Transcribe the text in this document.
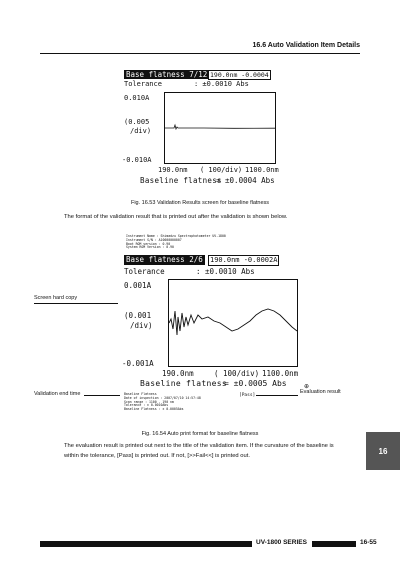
16.6 Auto Validation Item Details
Base flatness 7/12 190.0nm -0.0004
Tolerance	: ±0.0010 Abs
0.010A
(0.005
/div)
-0.010A
190.0nm ( 100/div) 1100.0nm
Baseline flatness
= ±0.0004 Abs
Fig. 16.53 Validation Results screen for baseline flatness
The format of the validation result that is printed out after the validation is shown below.
Instrument Name : Shimadzu Spectrophotometer UV-1800
Instrument S/N : A10000000007
Boot ROM version : 0.90
System ROM Version : 0.90
Base flatness 2/6 190.0nm -0.0002A
Tolerance	: ±0.0010 Abs
0.001A
(0.001
/div)
-0.001A
190.0nm	( 100/div) 1100.0nm
Baseline flatness
= ±0.0005 Abs	⊕
Baseline Flatness
Date of inspection : 2007/07/10 14:57:48
Scan range : 1100 - 190 nm
Tolerance : ± 0.0010Abs
Baseline Flatness : ± 0.0005Abs
[Pass]
Screen hard copy
Validation end time	Evaluation result
Fig. 16.54 Auto print format for baseline flatness
The evaluation result is printed out next to the title of the validation item. If the curvature of the baseline is within the tolerance, [Pass] is printed out. If not, [>>Fail<<] is printed out.
16
UV-1800 SERIES	16-55
